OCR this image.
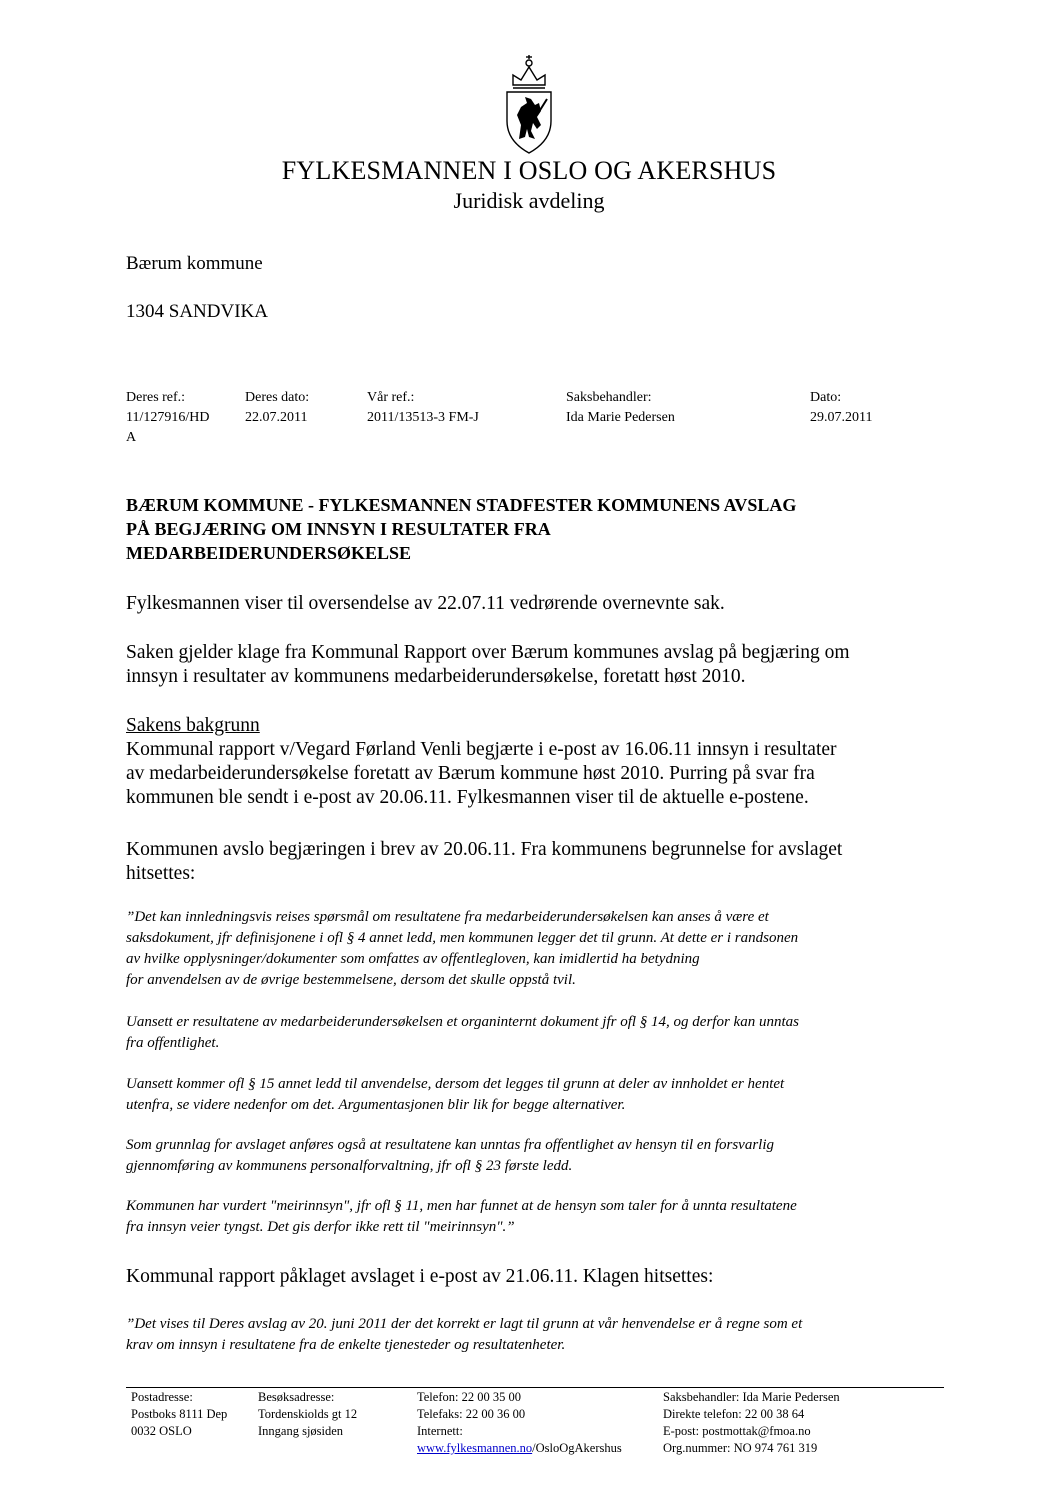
FYLKESMANNEN I OSLO OG AKERSHUS
Juridisk avdeling
Bærum kommune
1304 SANDVIKA
Deres ref.:
11/127916/HD
A
Deres dato:
22.07.2011
Vår ref.:
2011/13513-3 FM-J
Saksbehandler:
Ida Marie Pedersen
Dato:
29.07.2011
BÆRUM KOMMUNE - FYLKESMANNEN STADFESTER KOMMUNENS AVSLAG
PÅ BEGJÆRING OM INNSYN I RESULTATER FRA
MEDARBEIDERUNDERSØKELSE
Fylkesmannen viser til oversendelse av 22.07.11 vedrørende overnevnte sak.
Saken gjelder klage fra Kommunal Rapport over Bærum kommunes avslag på begjæring om
innsyn i resultater av kommunens medarbeiderundersøkelse, foretatt høst 2010.
Sakens bakgrunn
Kommunal rapport v/Vegard Førland Venli begjærte i e-post av 16.06.11 innsyn i resultater
av medarbeiderundersøkelse foretatt av Bærum kommune høst 2010. Purring på svar fra
kommunen ble sendt i e-post av 20.06.11. Fylkesmannen viser til de aktuelle e-postene.
Kommunen avslo begjæringen i brev av 20.06.11. Fra kommunens begrunnelse for avslaget
hitsettes:
”Det kan innledningsvis reises spørsmål om resultatene fra medarbeiderundersøkelsen kan anses å være et
saksdokument, jfr definisjonene i ofl § 4 annet ledd, men kommunen legger det til grunn. At dette er i randsonen
av hvilke opplysninger/dokumenter som omfattes av offentlegloven, kan imidlertid ha betydning
for anvendelsen av de øvrige bestemmelsene, dersom det skulle oppstå tvil.
Uansett er resultatene av medarbeiderundersøkelsen et organinternt dokument jfr ofl § 14, og derfor kan unntas
fra offentlighet.
Uansett kommer ofl § 15 annet ledd til anvendelse, dersom det legges til grunn at deler av innholdet er hentet
utenfra, se videre nedenfor om det. Argumentasjonen blir lik for begge alternativer.
Som grunnlag for avslaget anføres også at resultatene kan unntas fra offentlighet av hensyn til en forsvarlig
gjennomføring av kommunens personalforvaltning, jfr ofl § 23 første ledd.
Kommunen har vurdert "meirinnsyn", jfr ofl § 11, men har funnet at de hensyn som taler for å unnta resultatene
fra innsyn veier tyngst. Det gis derfor ikke rett til "meirinnsyn".”
Kommunal rapport påklaget avslaget i e-post av 21.06.11. Klagen hitsettes:
”Det vises til Deres avslag av 20. juni 2011 der det korrekt er lagt til grunn at vår henvendelse er å regne som et
krav om innsyn i resultatene fra de enkelte tjenesteder og resultatenheter.
Postadresse:
Postboks 8111 Dep
0032 OSLO
Besøksadresse:
Tordenskiolds gt 12
Inngang sjøsiden
Telefon: 22 00 35 00
Telefaks: 22 00 36 00
Internett:
www.fylkesmannen.no/OsloOgAkershus
Saksbehandler: Ida Marie Pedersen
Direkte telefon: 22 00 38 64
E-post: postmottak@fmoa.no
Org.nummer: NO 974 761 319
